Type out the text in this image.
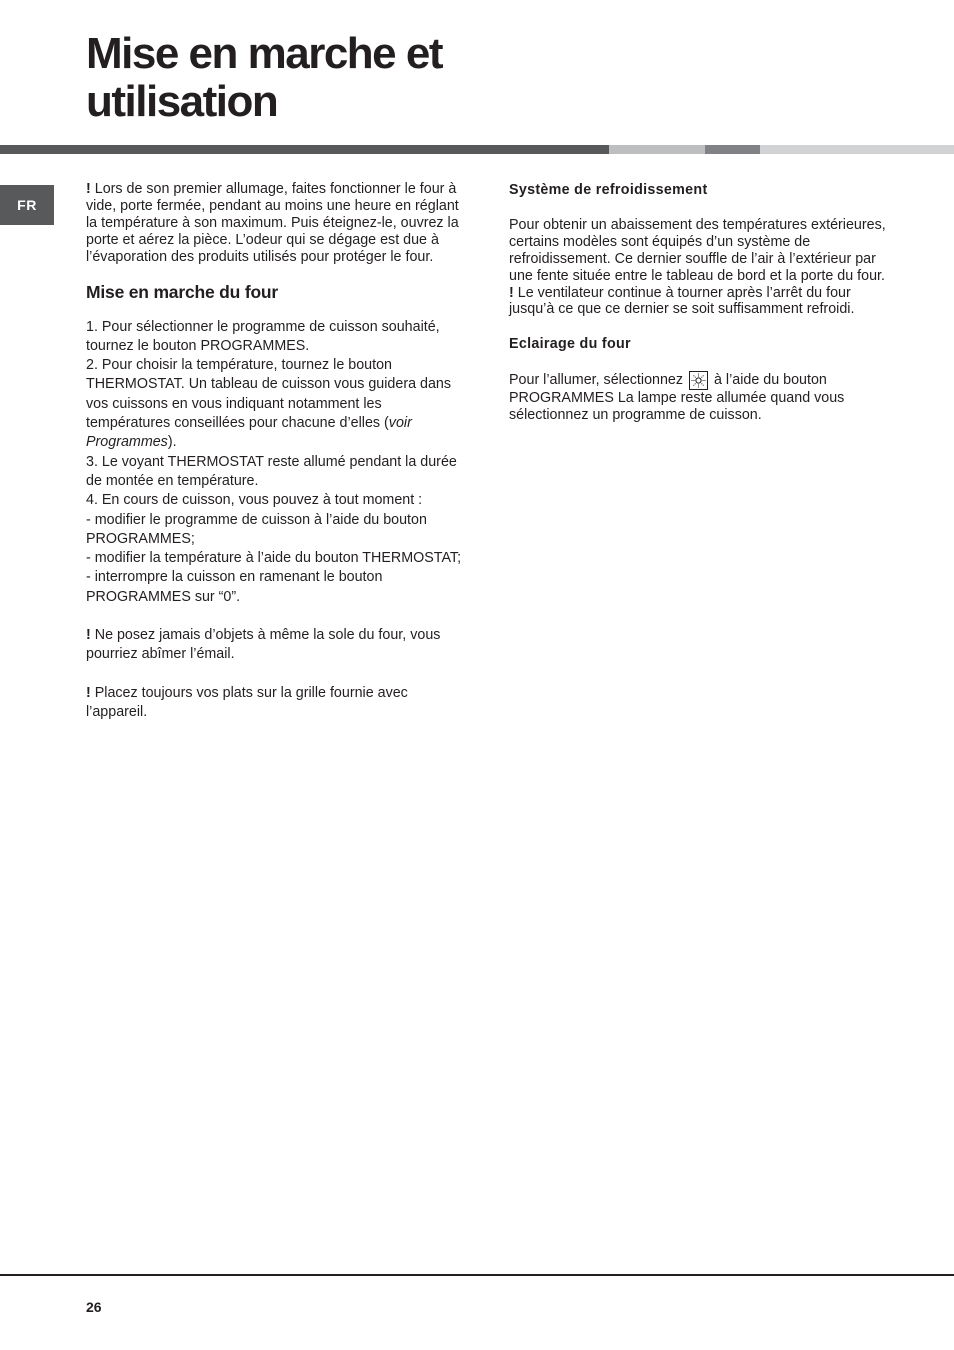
Mise en marche et
utilisation
FR

! Lors de son premier allumage, faites fonctionner le four à vide, porte fermée, pendant au moins une heure en réglant la température à son maximum. Puis éteignez-le, ouvrez la porte et aérez la pièce. L’odeur qui se dégage est due à l’évaporation des produits utilisés pour protéger le four.

Mise en marche du four

1. Pour sélectionner le programme de cuisson souhaité, tournez le bouton PROGRAMMES.

2. Pour choisir la température, tournez le bouton THERMOSTAT. Un tableau de cuisson vous guidera dans vos cuissons en vous indiquant notamment les températures conseillées pour chacune d’elles (voir Programmes).

3. Le voyant THERMOSTAT reste allumé pendant la durée de montée en température.

4. En cours de cuisson, vous pouvez à tout moment :

- modifier le programme de cuisson à l’aide du bouton PROGRAMMES;

- modifier la température à l’aide du bouton THERMOSTAT;

- interrompre la cuisson en ramenant le bouton PROGRAMMES sur “0”.

! Ne posez jamais d’objets à même la sole du four, vous pourriez abîmer l’émail.

! Placez toujours vos plats sur la grille fournie avec l’appareil.

Système de refroidissement

Pour obtenir un abaissement des températures extérieures, certains modèles sont équipés d’un système de refroidissement. Ce dernier souffle de l’air à l’extérieur par une fente située entre le tableau de bord et la porte du four.

! Le ventilateur continue à tourner après l’arrêt du four jusqu’à ce que ce dernier se soit suffisamment refroidi.

Eclairage du four

Pour l’allumer, sélectionnez
à l’aide du bouton PROGRAMMES La lampe reste allumée quand vous sélectionnez un programme de cuisson.

26
